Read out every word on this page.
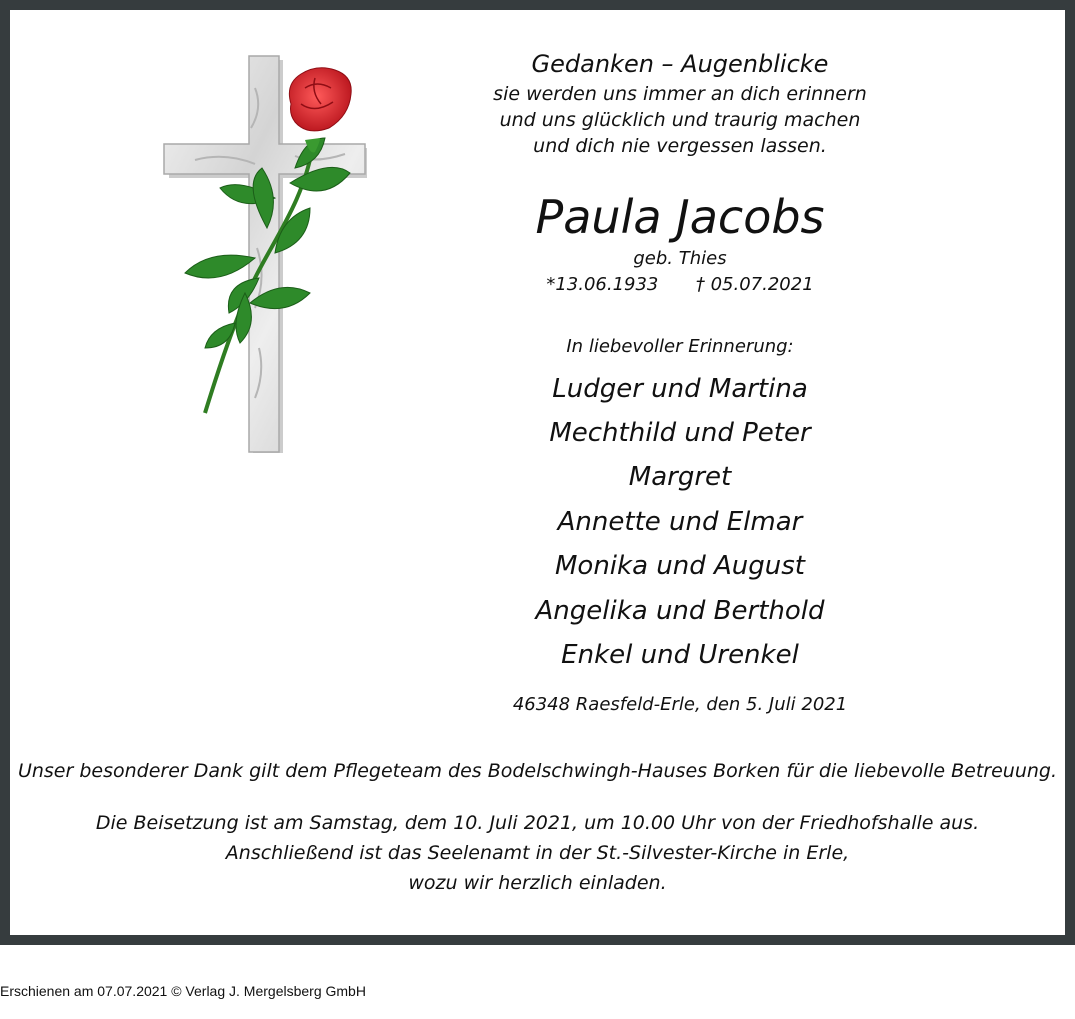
Gedanken – Augenblicke
sie werden uns immer an dich erinnern
und uns glücklich und traurig machen
und dich nie vergessen lassen.
Paula Jacobs
geb. Thies
*13.06.1933 † 05.07.2021
In liebevoller Erinnerung:
Ludger und Martina
Mechthild und Peter
Margret
Annette und Elmar
Monika und August
Angelika und Berthold
Enkel und Urenkel
46348 Raesfeld-Erle, den 5. Juli 2021
Unser besonderer Dank gilt dem Pflegeteam des Bodelschwingh-Hauses Borken für die liebevolle Betreuung.
Die Beisetzung ist am Samstag, dem 10. Juli 2021, um 10.00 Uhr von der Friedhofshalle aus.
Anschließend ist das Seelenamt in der St.-Silvester-Kirche in Erle,
wozu wir herzlich einladen.
Erschienen am 07.07.2021 © Verlag J. Mergelsberg GmbH
